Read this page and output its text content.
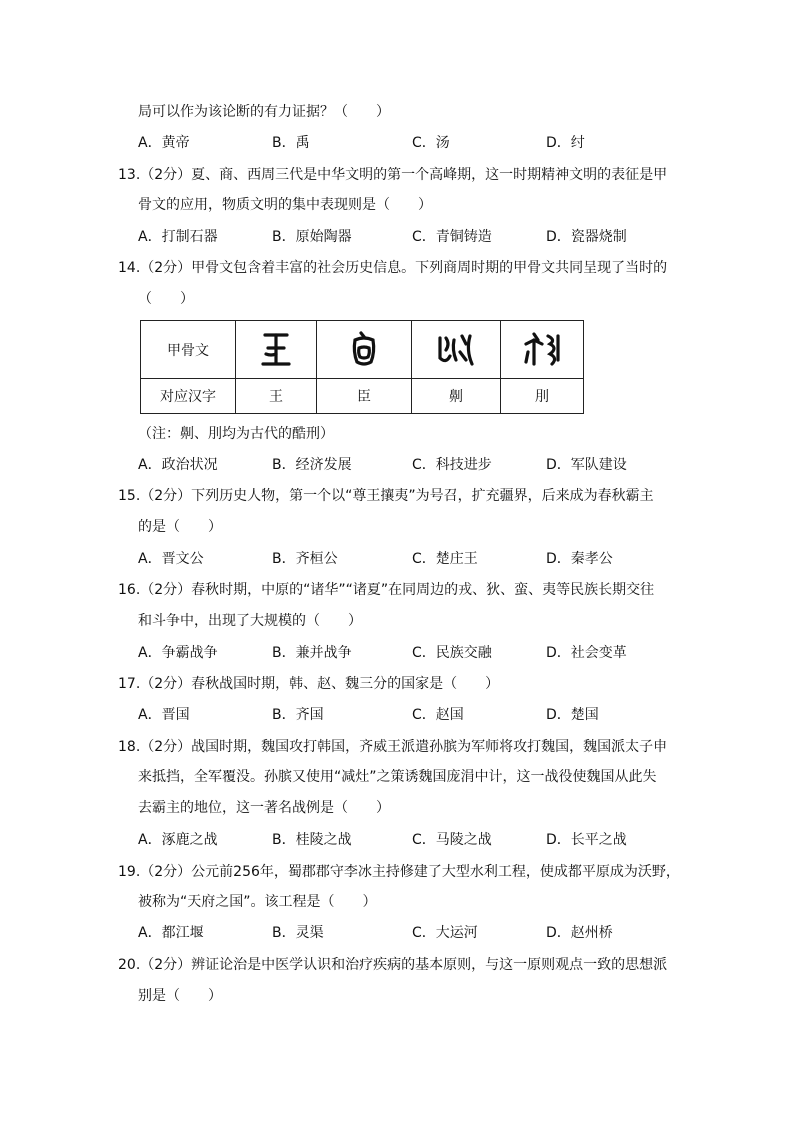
局可以作为该论断的有力证据？（　　）
A．黄帝	B．禹	C．汤	D．纣
13.（2分）夏、商、西周三代是中华文明的第一个高峰期，这一时期精神文明的表征是甲
骨文的应用，物质文明的集中表现则是（　　）
A．打制石器	B．原始陶器	C．青铜铸造	D．瓷器烧制
14.（2分）甲骨文包含着丰富的社会历史信息。下列商周时期的甲骨文共同呈现了当时的
（　　）
甲骨文	

对应汉字	王	臣	劓	刖
（注：劓、刖均为古代的酷刑）
A．政治状况	B．经济发展	C．科技进步	D．军队建设
15.（2分）下列历史人物，第一个以“尊王攘夷”为号召，扩充疆界，后来成为春秋霸主
的是（　　）
A．晋文公	B．齐桓公	C．楚庄王	D．秦孝公
16.（2分）春秋时期，中原的“诸华”“诸夏”在同周边的戎、狄、蛮、夷等民族长期交往
和斗争中，出现了大规模的（　　）
A．争霸战争	B．兼并战争	C．民族交融	D．社会变革
17.（2分）春秋战国时期，韩、赵、魏三分的国家是（　　）
A．晋国	B．齐国	C．赵国	D．楚国
18.（2分）战国时期，魏国攻打韩国，齐威王派遣孙膑为军师将攻打魏国，魏国派太子申
来抵挡，全军覆没。孙膑又使用“减灶”之策诱魏国庞涓中计，这一战役使魏国从此失
去霸主的地位，这一著名战例是（　　）
A．涿鹿之战	B．桂陵之战	C．马陵之战	D．长平之战
19.（2分）公元前256年，蜀郡郡守李冰主持修建了大型水利工程，使成都平原成为沃野，
被称为“天府之国”。该工程是（　　）
A．都江堰	B．灵渠	C．大运河	D．赵州桥
20.（2分）辨证论治是中医学认识和治疗疾病的基本原则，与这一原则观点一致的思想派
别是（　　）
